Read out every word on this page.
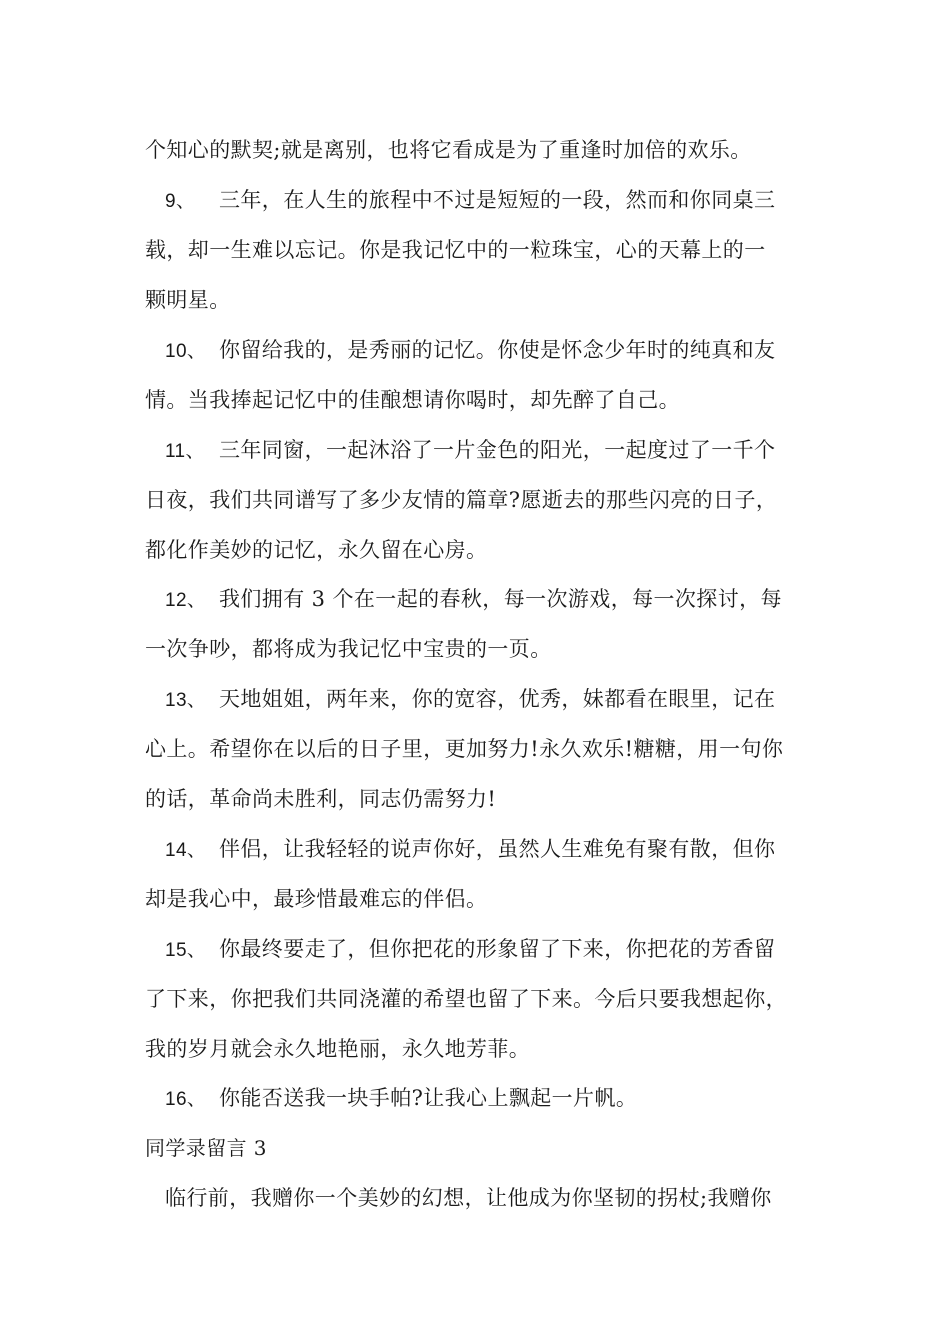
个知心的默契;就是离别，也将它看成是为了重逢时加倍的欢乐。
9、 三年，在人生的旅程中不过是短短的一段，然而和你同桌三
载，却一生难以忘记。你是我记忆中的一粒珠宝，心的天幕上的一
颗明星。
10、 你留给我的，是秀丽的记忆。你使是怀念少年时的纯真和友
情。当我捧起记忆中的佳酿想请你喝时，却先醉了自己。
11、 三年同窗，一起沐浴了一片金色的阳光，一起度过了一千个
日夜，我们共同谱写了多少友情的篇章?愿逝去的那些闪亮的日子，
都化作美妙的记忆，永久留在心房。
12、 我们拥有 3 个在一起的春秋，每一次游戏，每一次探讨，每
一次争吵，都将成为我记忆中宝贵的一页。
13、 天地姐姐，两年来，你的宽容，优秀，妹都看在眼里，记在
心上。希望你在以后的日子里，更加努力!永久欢乐!糖糖，用一句你
的话，革命尚未胜利，同志仍需努力!
14、 伴侣，让我轻轻的说声你好，虽然人生难免有聚有散，但你
却是我心中，最珍惜最难忘的伴侣。
15、 你最终要走了，但你把花的形象留了下来，你把花的芳香留
了下来，你把我们共同浇灌的希望也留了下来。今后只要我想起你，
我的岁月就会永久地艳丽，永久地芳菲。
16、 你能否送我一块手帕?让我心上飘起一片帆。
同学录留言 3
临行前，我赠你一个美妙的幻想，让他成为你坚韧的拐杖;我赠你
